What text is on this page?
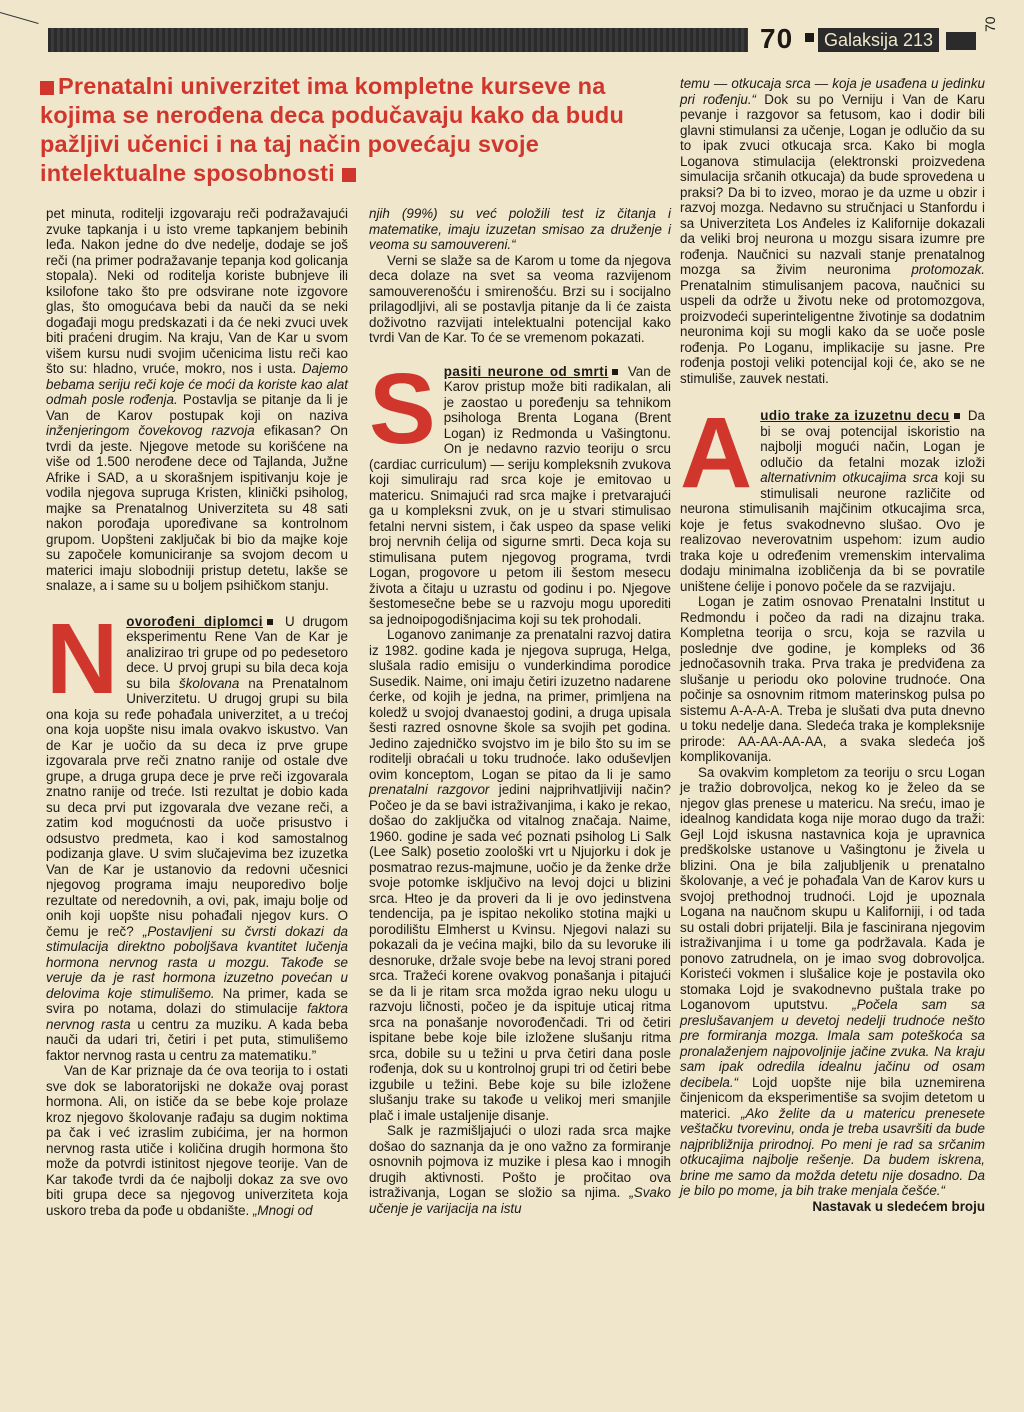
70	Galaksija 213
70
Prenatalni univerzitet ima kompletne kurseve na kojima se nerođena deca podučavaju kako da budu pažljivi učenici i na taj način povećaju svoje intelektualne sposobnosti

pet minuta, roditelji izgovaraju reči podražavajući zvuke tapkanja i u isto vreme tapkanjem bebinih leđa. Nakon jedne do dve nedelje, dodaje se još reči (na primer podražavanje tepanja kod golicanja stopala). Neki od roditelja koriste bubnjeve ili ksilofone tako što pre odsvirane note izgovore glas, što omogućava bebi da nauči da se neki događaji mogu predskazati i da će neki zvuci uvek biti praćeni drugim. Na kraju, Van de Kar u svom višem kursu nudi svojim učenicima listu reči kao što su: hladno, vruće, mokro, nos i usta. Dajemo bebama seriju reči koje će moći da koriste kao alat odmah posle rođenja. Postavlja se pitanje da li je Van de Karov postupak koji on naziva inženjeringom čovekovog razvoja efikasan? On tvrdi da jeste. Njegove metode su korišćene na više od 1.500 nerođene dece od Tajlanda, Južne Afrike i SAD, a u skorašnjem ispitivanju koje je vodila njegova supruga Kristen, klinički psiholog, majke sa Prenatalnog Univerziteta su 48 sati nakon porođaja upoređivane sa kontrolnom grupom. Uopšteni zaključak bi bio da majke koje su započele komuniciranje sa svojom decom u materici imaju slobodniji pristup detetu, lakše se snalaze, a i same su u boljem psihičkom stanju.

N ovorođeni diplomci U drugom eksperimentu Rene Van de Kar je analizirao tri grupe od po pedesetoro dece. U prvoj grupi su bila deca koja su bila školovana na Prenatalnom Univerzitetu. U drugoj grupi su bila ona koja su ređe pohađala univerzitet, a u trećoj ona koja uopšte nisu imala ovakvo iskustvo. Van de Kar je uočio da su deca iz prve grupe izgovarala prve reči znatno ranije od ostale dve grupe, a druga grupa dece je prve reči izgovarala znatno ranije od treće. Isti rezultat je dobio kada su deca prvi put izgovarala dve vezane reči, a zatim kod mogućnosti da uoče prisustvo i odsustvo predmeta, kao i kod samostalnog podizanja glave. U svim slučajevima bez izuzetka Van de Kar je ustanovio da redovni učesnici njegovog programa imaju neuporedivo bolje rezultate od neredovnih, a ovi, pak, imaju bolje od onih koji uopšte nisu pohađali njegov kurs. O čemu je reč? „Postavljeni su čvrsti dokazi da stimulacija direktno poboljšava kvantitet lučenja hormona nervnog rasta u mozgu. Takođe se veruje da je rast hormona izuzetno povećan u delovima koje stimulišemo. Na primer, kada se svira po notama, dolazi do stimulacije faktora nervnog rasta u centru za muziku. A kada beba nauči da udari tri, četiri i pet puta, stimulišemo faktor nervnog rasta u centru za matematiku.”

Van de Kar priznaje da će ova teorija to i ostati sve dok se laboratorijski ne dokaže ovaj porast hormona. Ali, on ističe da se bebe koje prolaze kroz njegovo školovanje rađaju sa dugim noktima pa čak i već izraslim zubićima, jer na hormon nervnog rasta utiče i količina drugih hormona što može da potvrdi istinitost njegove teorije. Van de Kar takođe tvrdi da će najbolji dokaz za sve ovo biti grupa dece sa njegovog univerziteta koja uskoro treba da pođe u obdanište. „Mnogi od

njih (99%) su već položili test iz čitanja i matematike, imaju izuzetan smisao za druženje i veoma su samouvereni.“

Verni se slaže sa de Karom u tome da njegova deca dolaze na svet sa veoma razvijenom samouverenošću i smirenošću. Brzi su i socijalno prilagodljivi, ali se postavlja pitanje da li će zaista doživotno razvijati intelektualni potencijal kako tvrdi Van de Kar. To će se vremenom pokazati.

S pasiti neurone od smrti Van de Karov pristup može biti radikalan, ali je zaostao u poređenju sa tehnikom psihologa Brenta Logana (Brent Logan) iz Redmonda u Vašingtonu. On je nedavno razvio teoriju o srcu (cardiac curriculum) — seriju kompleksnih zvukova koji simuliraju rad srca koje je emitovao u matericu. Snimajući rad srca majke i pretvarajući ga u kompleksni zvuk, on je u stvari stimulisao fetalni nervni sistem, i čak uspeo da spase veliki broj nervnih ćelija od sigurne smrti. Deca koja su stimulisana putem njegovog programa, tvrdi Logan, progovore u petom ili šestom mesecu života a čitaju u uzrastu od godinu i po. Njegove šestomesečne bebe se u razvoju mogu uporediti sa jednoipogodišnjacima koji su tek prohodali.

Loganovo zanimanje za prenatalni razvoj datira iz 1982. godine kada je njegova supruga, Helga, slušala radio emisiju o vunderkindima porodice Susedik. Naime, oni imaju četiri izuzetno nadarene ćerke, od kojih je jedna, na primer, primljena na koledž u svojoj dvanaestoj godini, a druga upisala šesti razred osnovne škole sa svojih pet godina. Jedino zajedničko svojstvo im je bilo što su im se roditelji obraćali u toku trudnoće. Iako oduševljen ovim konceptom, Logan se pitao da li je samo prenatalni razgovor jedini najprihvatljiviji način? Počeo je da se bavi istraživanjima, i kako je rekao, došao do zaključka od vitalnog značaja. Naime, 1960. godine je sada već poznati psiholog Li Salk (Lee Salk) posetio zoološki vrt u Njujorku i dok je posmatrao rezus-majmune, uočio je da ženke drže svoje potomke isključivo na levoj dojci u blizini srca. Hteo je da proveri da li je ovo jedinstvena tendencija, pa je ispitao nekoliko stotina majki u porodilištu Elmherst u Kvinsu. Njegovi nalazi su pokazali da je većina majki, bilo da su levoruke ili desnoruke, držale svoje bebe na levoj strani pored srca. Tražeći korene ovakvog ponašanja i pitajući se da li je ritam srca možda igrao neku ulogu u razvoju ličnosti, počeo je da ispituje uticaj ritma srca na ponašanje novorođenčadi. Tri od četiri ispitane bebe koje bile izložene slušanju ritma srca, dobile su u težini u prva četiri dana posle rođenja, dok su u kontrolnoj grupi tri od četiri bebe izgubile u težini. Bebe koje su bile izložene slušanju trake su takođe u velikoj meri smanjile plač i imale ustaljenije disanje.

Salk je razmišljajući o ulozi rada srca majke došao do saznanja da je ono važno za formiranje osnovnih pojmova iz muzike i plesa kao i mnogih drugih aktivnosti. Pošto je pročitao ova istraživanja, Logan se složio sa njima. „Svako učenje je varijacija na istu

temu — otkucaja srca — koja je usađena u jedinku pri rođenju.“ Dok su po Verniju i Van de Karu pevanje i razgovor sa fetusom, kao i dodir bili glavni stimulansi za učenje, Logan je odlučio da su to ipak zvuci otkucaja srca. Kako bi mogla Loganova stimulacija (elektronski proizvedena simulacija srčanih otkucaja) da bude sprovedena u praksi? Da bi to izveo, morao je da uzme u obzir i razvoj mozga. Nedavno su stručnjaci u Stanfordu i sa Univerziteta Los Anđeles iz Kalifornije dokazali da veliki broj neurona u mozgu sisara izumre pre rođenja. Naučnici su nazvali stanje prenatalnog mozga sa živim neuronima protomozak. Prenatalnim stimulisanjem pacova, naučnici su uspeli da održe u životu neke od protomozgova, proizvodeći superinteligentne životinje sa dodatnim neuronima koji su mogli kako da se uoče posle rođenja. Po Loganu, implikacije su jasne. Pre rođenja postoji veliki potencijal koji će, ako se ne stimuliše, zauvek nestati.

A udio trake za izuzetnu decu Da bi se ovaj potencijal iskoristio na najbolji mogući način, Logan je odlučio da fetalni mozak izloži alternativnim otkucajima srca koji su stimulisali neurone različite od neurona stimulisanih majčinim otkucajima srca, koje je fetus svakodnevno slušao. Ovo je realizovao neverovatnim uspehom: izum audio traka koje u određenim vremenskim intervalima dodaju minimalna izobličenja da bi se povratile uništene ćelije i ponovo počele da se razvijaju.

Logan je zatim osnovao Prenatalni Institut u Redmondu i počeo da radi na dizajnu traka. Kompletna teorija o srcu, koja se razvila u poslednje dve godine, je kompleks od 36 jednočasovnih traka. Prva traka je predviđena za slušanje u periodu oko polovine trudnoće. Ona počinje sa osnovnim ritmom materinskog pulsa po sistemu A-A-A-A. Treba je slušati dva puta dnevno u toku nedelje dana. Sledeća traka je kompleksnije prirode: AA-AA-AA-AA, a svaka sledeća još komplikovanija.

Sa ovakvim kompletom za teoriju o srcu Logan je tražio dobrovoljca, nekog ko je želeo da se njegov glas prenese u matericu. Na sreću, imao je idealnog kandidata koga nije morao dugo da traži: Gejl Lojd iskusna nastavnica koja je upravnica predškolske ustanove u Vašingtonu je živela u blizini. Ona je bila zaljubljenik u prenatalno školovanje, a već je pohađala Van de Karov kurs u svojoj prethodnoj trudnoći. Lojd je upoznala Logana na naučnom skupu u Kaliforniji, i od tada su ostali dobri prijatelji. Bila je fascinirana njegovim istraživanjima i u tome ga podržavala. Kada je ponovo zatrudnela, on je imao svog dobrovoljca. Koristeći vokmen i slušalice koje je postavila oko stomaka Lojd je svakodnevno puštala trake po Loganovom uputstvu. „Počela sam sa preslušavanjem u devetoj nedelji trudnoće nešto pre formiranja mozga. Imala sam poteškoća sa pronalaženjem najpovoljnije jačine zvuka. Na kraju sam ipak odredila idealnu jačinu od osam decibela.“ Lojd uopšte nije bila uznemirena činjenicom da eksperimentiše sa svojim detetom u materici. „Ako želite da u matericu prenesete veštačku tvorevinu, onda je treba usavršiti da bude najpribližnija prirodnoj. Po meni je rad sa srčanim otkucajima najbolje rešenje. Da budem iskrena, brine me samo da možda detetu nije dosadno. Da je bilo po mome, ja bih trake menjala češće.“

Nastavak u sledećem broju
